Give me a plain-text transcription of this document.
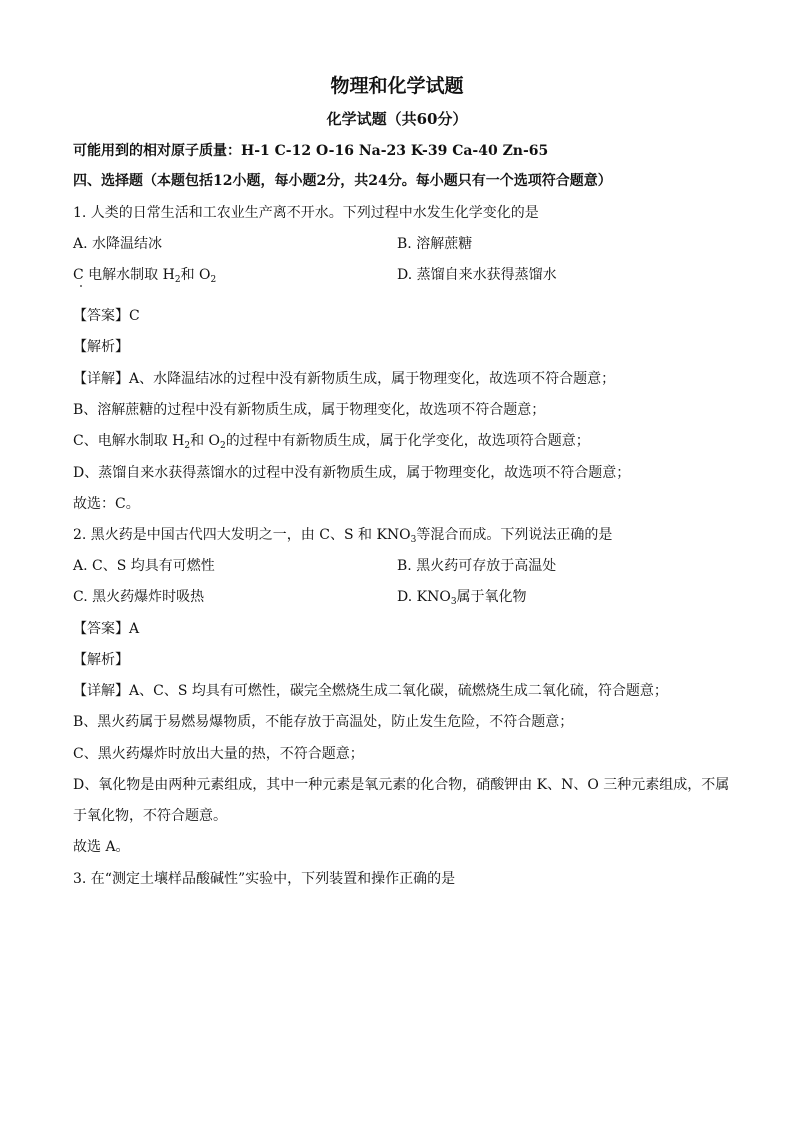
物理和化学试题
化学试题（共60分）
可能用到的相对原子质量：H-1 C-12 O-16 Na-23 K-39 Ca-40 Zn-65
四、选择题（本题包括12小题，每小题2分，共24分。每小题只有一个选项符合题意）
1. 人类的日常生活和工农业生产离不开水。下列过程中水发生化学变化的是
A. 水降温结冰	B. 溶解蔗糖
C 电解水制取 $H_2$和 $O_2$	D. 蒸馏自来水获得蒸馏水
【答案】C
【解析】
【详解】A、水降温结冰的过程中没有新物质生成，属于物理变化，故选项不符合题意；
B、溶解蔗糖的过程中没有新物质生成，属于物理变化，故选项不符合题意；
C、电解水制取 $H_2$和 $O_2$的过程中有新物质生成，属于化学变化，故选项符合题意；
D、蒸馏自来水获得蒸馏水的过程中没有新物质生成，属于物理变化，故选项不符合题意；
故选：C。
2. 黑火药是中国古代四大发明之一，由 C、S 和 $KNO_3$等混合而成。下列说法正确的是
A. C、S 均具有可燃性	B. 黑火药可存放于高温处
C. 黑火药爆炸时吸热	D. $KNO_3$属于氧化物
【答案】A
【解析】
【详解】A、C、S 均具有可燃性，碳完全燃烧生成二氧化碳，硫燃烧生成二氧化硫，符合题意；
B、黑火药属于易燃易爆物质，不能存放于高温处，防止发生危险，不符合题意；
C、黑火药爆炸时放出大量的热，不符合题意；
D、氧化物是由两种元素组成，其中一种元素是氧元素的化合物，硝酸钾由 K、N、O 三种元素组成，不属
于氧化物，不符合题意。
故选 A。
3. 在“测定土壤样品酸碱性”实验中，下列装置和操作正确的是
